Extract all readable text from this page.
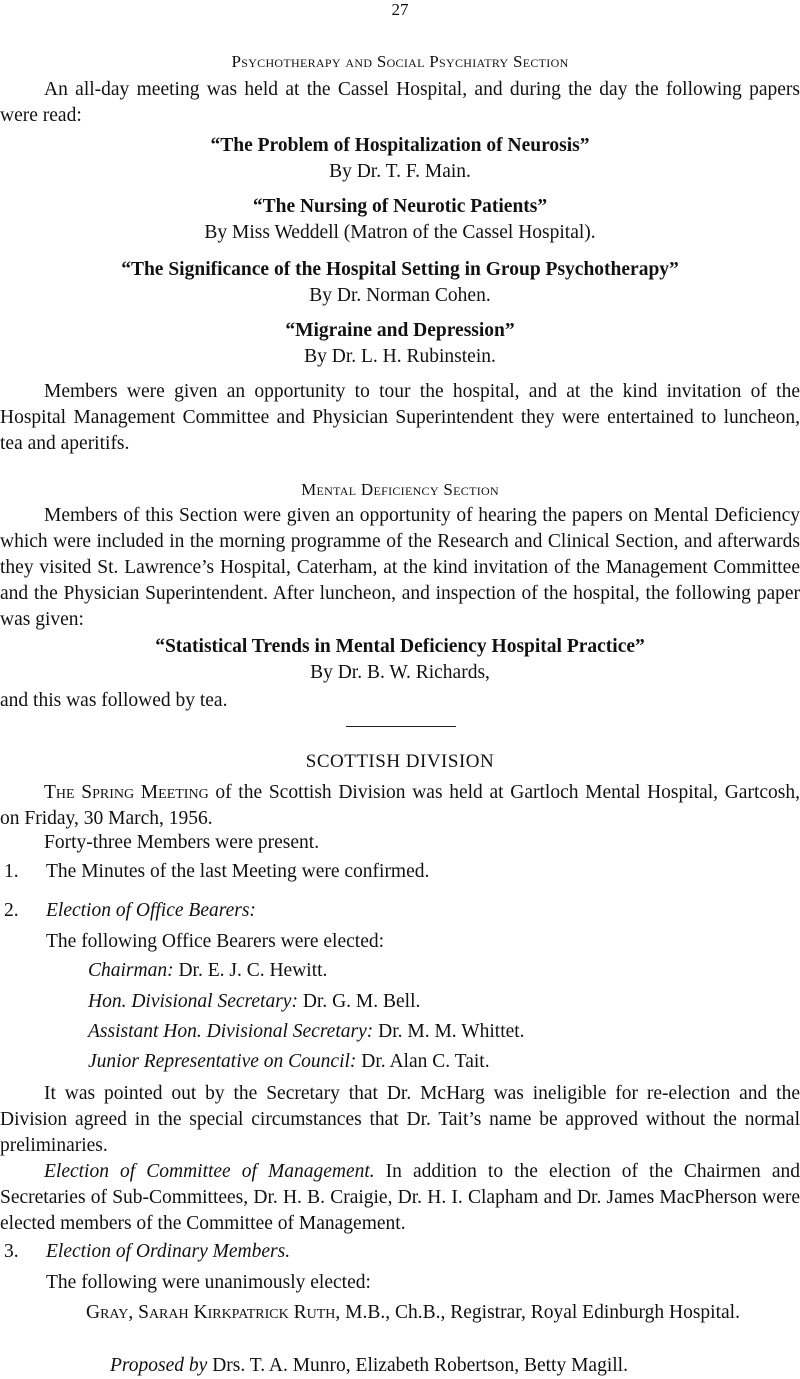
27
Psychotherapy and Social Psychiatry Section
An all-day meeting was held at the Cassel Hospital, and during the day the following papers were read:
“The Problem of Hospitalization of Neurosis”
By Dr. T. F. Main.
“The Nursing of Neurotic Patients”
By Miss Weddell (Matron of the Cassel Hospital).
“The Significance of the Hospital Setting in Group Psychotherapy”
By Dr. Norman Cohen.
“Migraine and Depression”
By Dr. L. H. Rubinstein.
Members were given an opportunity to tour the hospital, and at the kind invitation of the Hospital Management Committee and Physician Superintendent they were entertained to luncheon, tea and aperitifs.
Mental Deficiency Section
Members of this Section were given an opportunity of hearing the papers on Mental Deficiency which were included in the morning programme of the Research and Clinical Section, and afterwards they visited St. Lawrence’s Hospital, Caterham, at the kind invitation of the Management Committee and the Physician Superintendent. After luncheon, and inspection of the hospital, the following paper was given:
“Statistical Trends in Mental Deficiency Hospital Practice”
By Dr. B. W. Richards,
and this was followed by tea.
SCOTTISH DIVISION
The Spring Meeting of the Scottish Division was held at Gartloch Mental Hospital, Gartcosh, on Friday, 30 March, 1956.
Forty-three Members were present.
1. The Minutes of the last Meeting were confirmed.
2. Election of Office Bearers:
The following Office Bearers were elected:
Chairman: Dr. E. J. C. Hewitt.
Hon. Divisional Secretary: Dr. G. M. Bell.
Assistant Hon. Divisional Secretary: Dr. M. M. Whittet.
Junior Representative on Council: Dr. Alan C. Tait.
It was pointed out by the Secretary that Dr. McHarg was ineligible for re-election and the Division agreed in the special circumstances that Dr. Tait’s name be approved without the normal preliminaries.
Election of Committee of Management. In addition to the election of the Chairmen and Secretaries of Sub-Committees, Dr. H. B. Craigie, Dr. H. I. Clapham and Dr. James MacPherson were elected members of the Committee of Management.
3. Election of Ordinary Members.
The following were unanimously elected:
Gray, Sarah Kirkpatrick Ruth, M.B., Ch.B., Registrar, Royal Edinburgh Hospital.
Proposed by Drs. T. A. Munro, Elizabeth Robertson, Betty Magill.
